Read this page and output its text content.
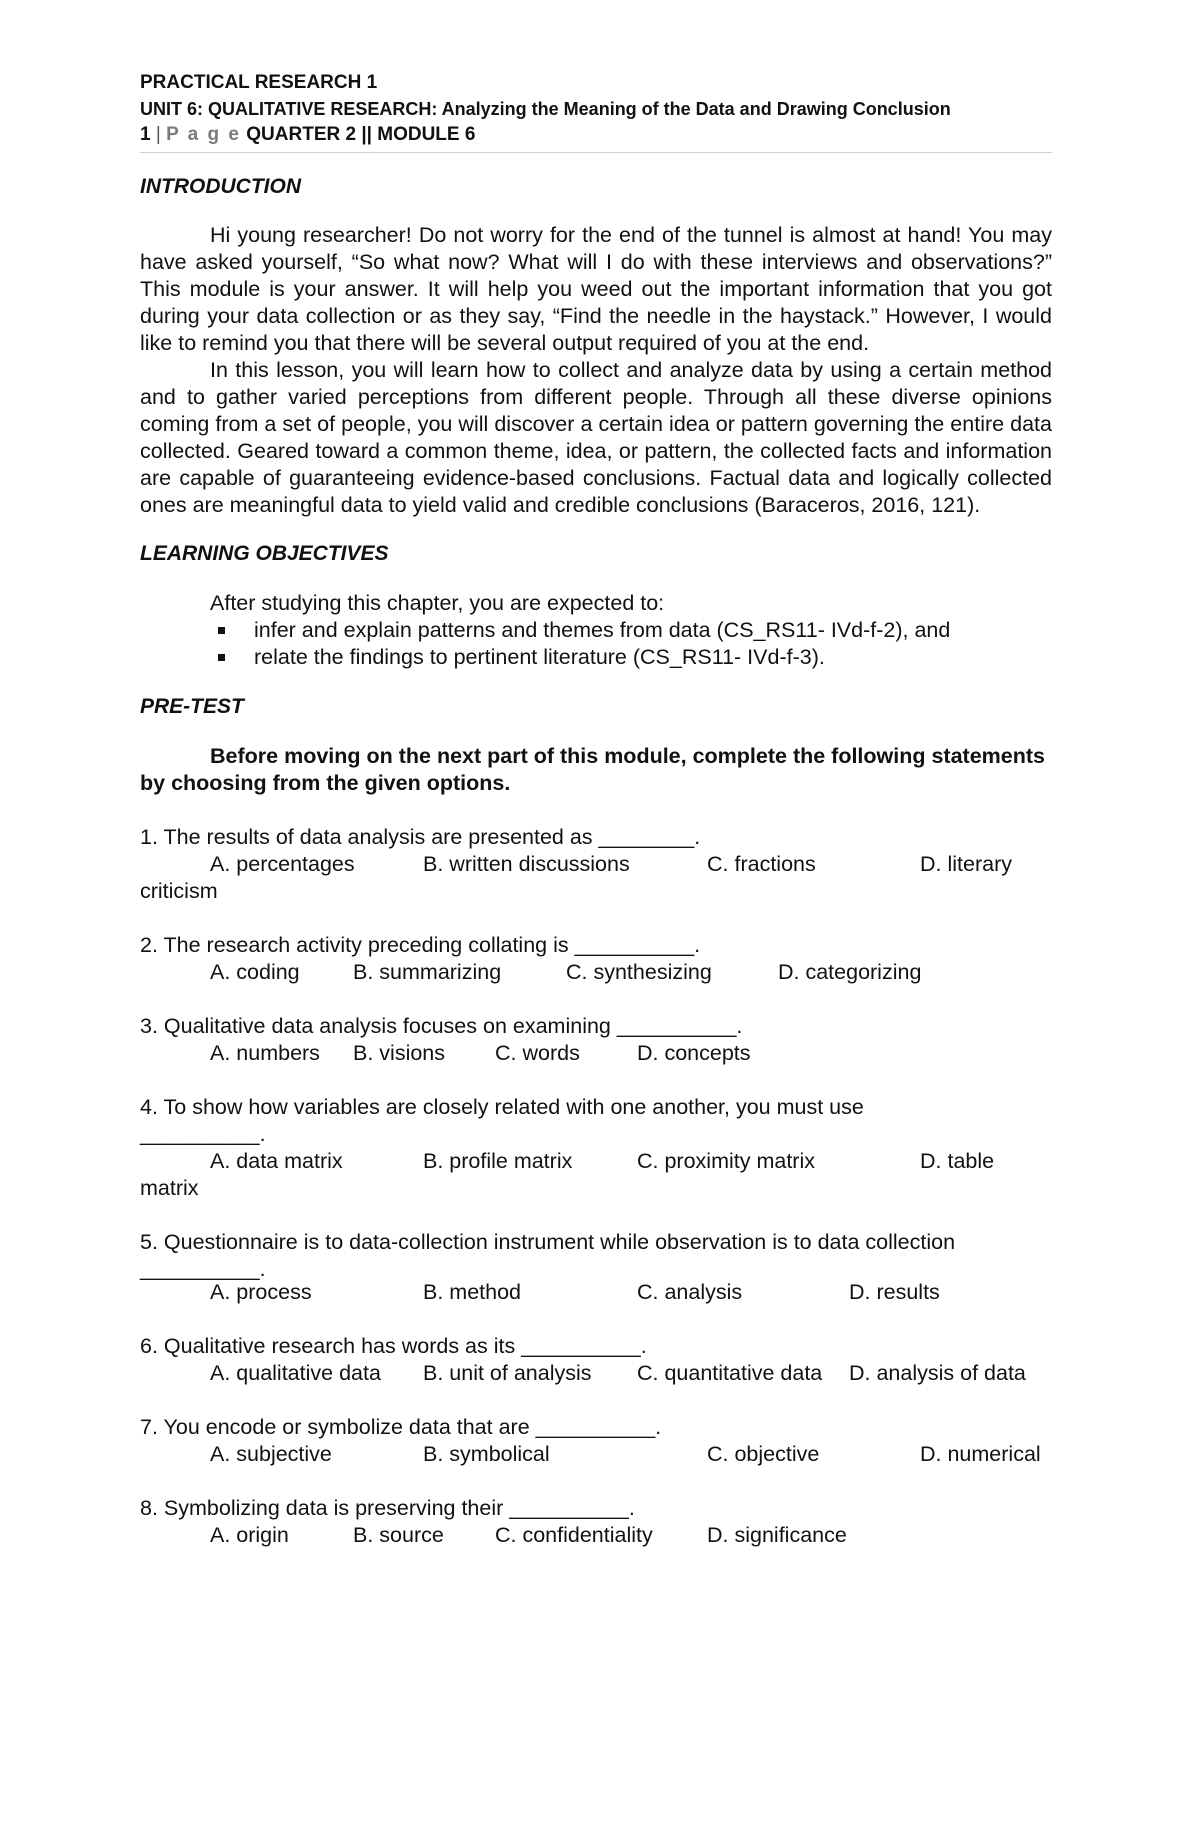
PRACTICAL RESEARCH 1
UNIT 6: QUALITATIVE RESEARCH: Analyzing the Meaning of the Data and Drawing Conclusion
1 | P a g e QUARTER 2 || MODULE 6
INTRODUCTION

Hi young researcher! Do not worry for the end of the tunnel is almost at hand! You may have asked yourself, “So what now? What will I do with these interviews and observations?” This module is your answer. It will help you weed out the important information that you got during your data collection or as they say, “Find the needle in the haystack.” However, I would like to remind you that there will be several output required of you at the end.

In this lesson, you will learn how to collect and analyze data by using a certain method and to gather varied perceptions from different people. Through all these diverse opinions coming from a set of people, you will discover a certain idea or pattern governing the entire data collected. Geared toward a common theme, idea, or pattern, the collected facts and information are capable of guaranteeing evidence-based conclusions. Factual data and logically collected ones are meaningful data to yield valid and credible conclusions (Baraceros, 2016, 121).

LEARNING OBJECTIVES

After studying this chapter, you are expected to:

infer and explain patterns and themes from data (CS_RS11- IVd-f-2), and
relate the findings to pertinent literature (CS_RS11- IVd-f-3).
PRE-TEST

Before moving on the next part of this module, complete the following statements by choosing from the given options.

1. The results of data analysis are presented as ________.
A. percentages	B. written discussions	C. fractions	D. literary
criticism
2. The research activity preceding collating is __________.
A. coding B. summarizing	C. synthesizing	D. categorizing
3. Qualitative data analysis focuses on examining __________.
A. numbers B. visions C. words	D. concepts
4. To show how variables are closely related with one another, you must use
__________.
A. data matrix	B. profile matrix	C. proximity matrix	D. table
matrix
5. Questionnaire is to data-collection instrument while observation is to data collection
__________.
A. process	B. method	C. analysis	D. results
6. Qualitative research has words as its __________.
A. qualitative data B. unit of analysis C. quantitative data D. analysis of data
7. You encode or symbolize data that are __________.
A. subjective	B. symbolical	C. objective	D. numerical
8. Symbolizing data is preserving their __________.
A. origin	B. source C. confidentiality	D. significance
